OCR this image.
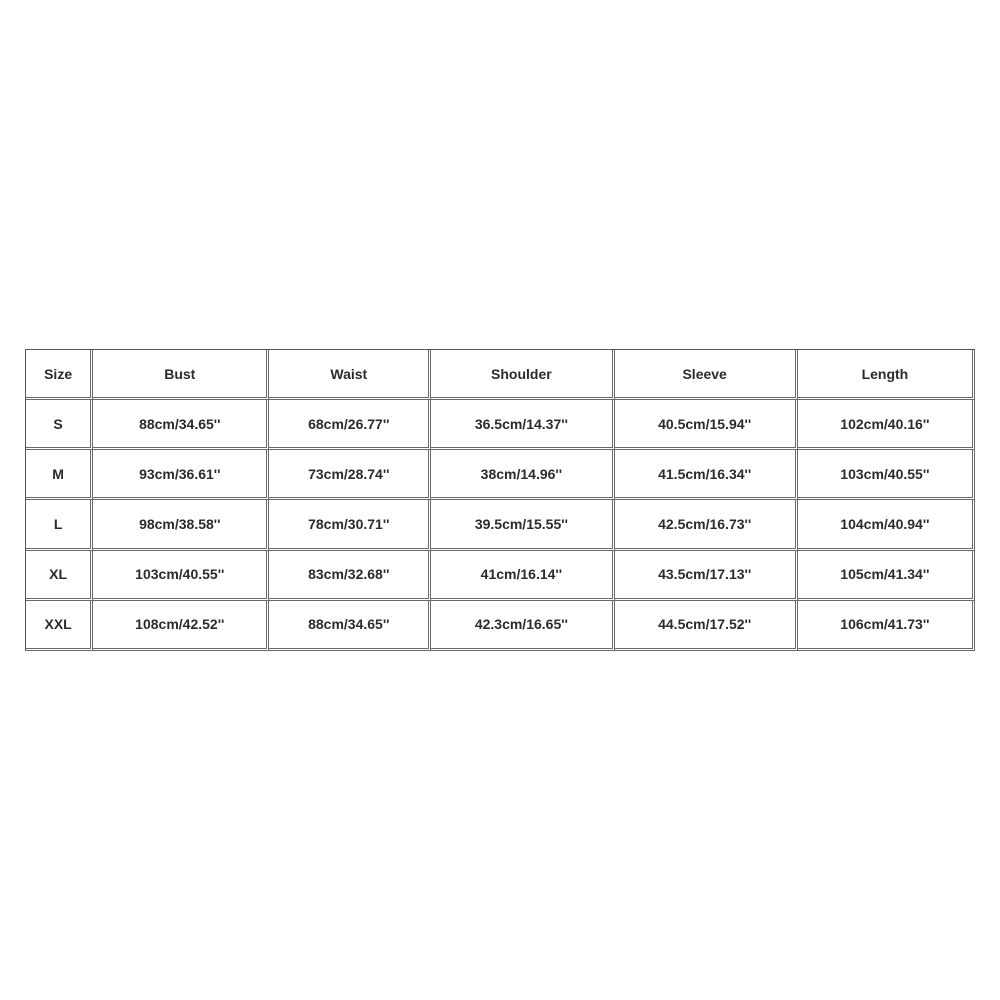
Size	Bust	Waist	Shoulder	Sleeve	Length
S	88cm/34.65''	68cm/26.77''	36.5cm/14.37''	40.5cm/15.94''	102cm/40.16''
M	93cm/36.61''	73cm/28.74''	38cm/14.96''	41.5cm/16.34''	103cm/40.55''
L	98cm/38.58''	78cm/30.71''	39.5cm/15.55''	42.5cm/16.73''	104cm/40.94''
XL	103cm/40.55''	83cm/32.68''	41cm/16.14''	43.5cm/17.13''	105cm/41.34''
XXL	108cm/42.52''	88cm/34.65''	42.3cm/16.65''	44.5cm/17.52''	106cm/41.73''
